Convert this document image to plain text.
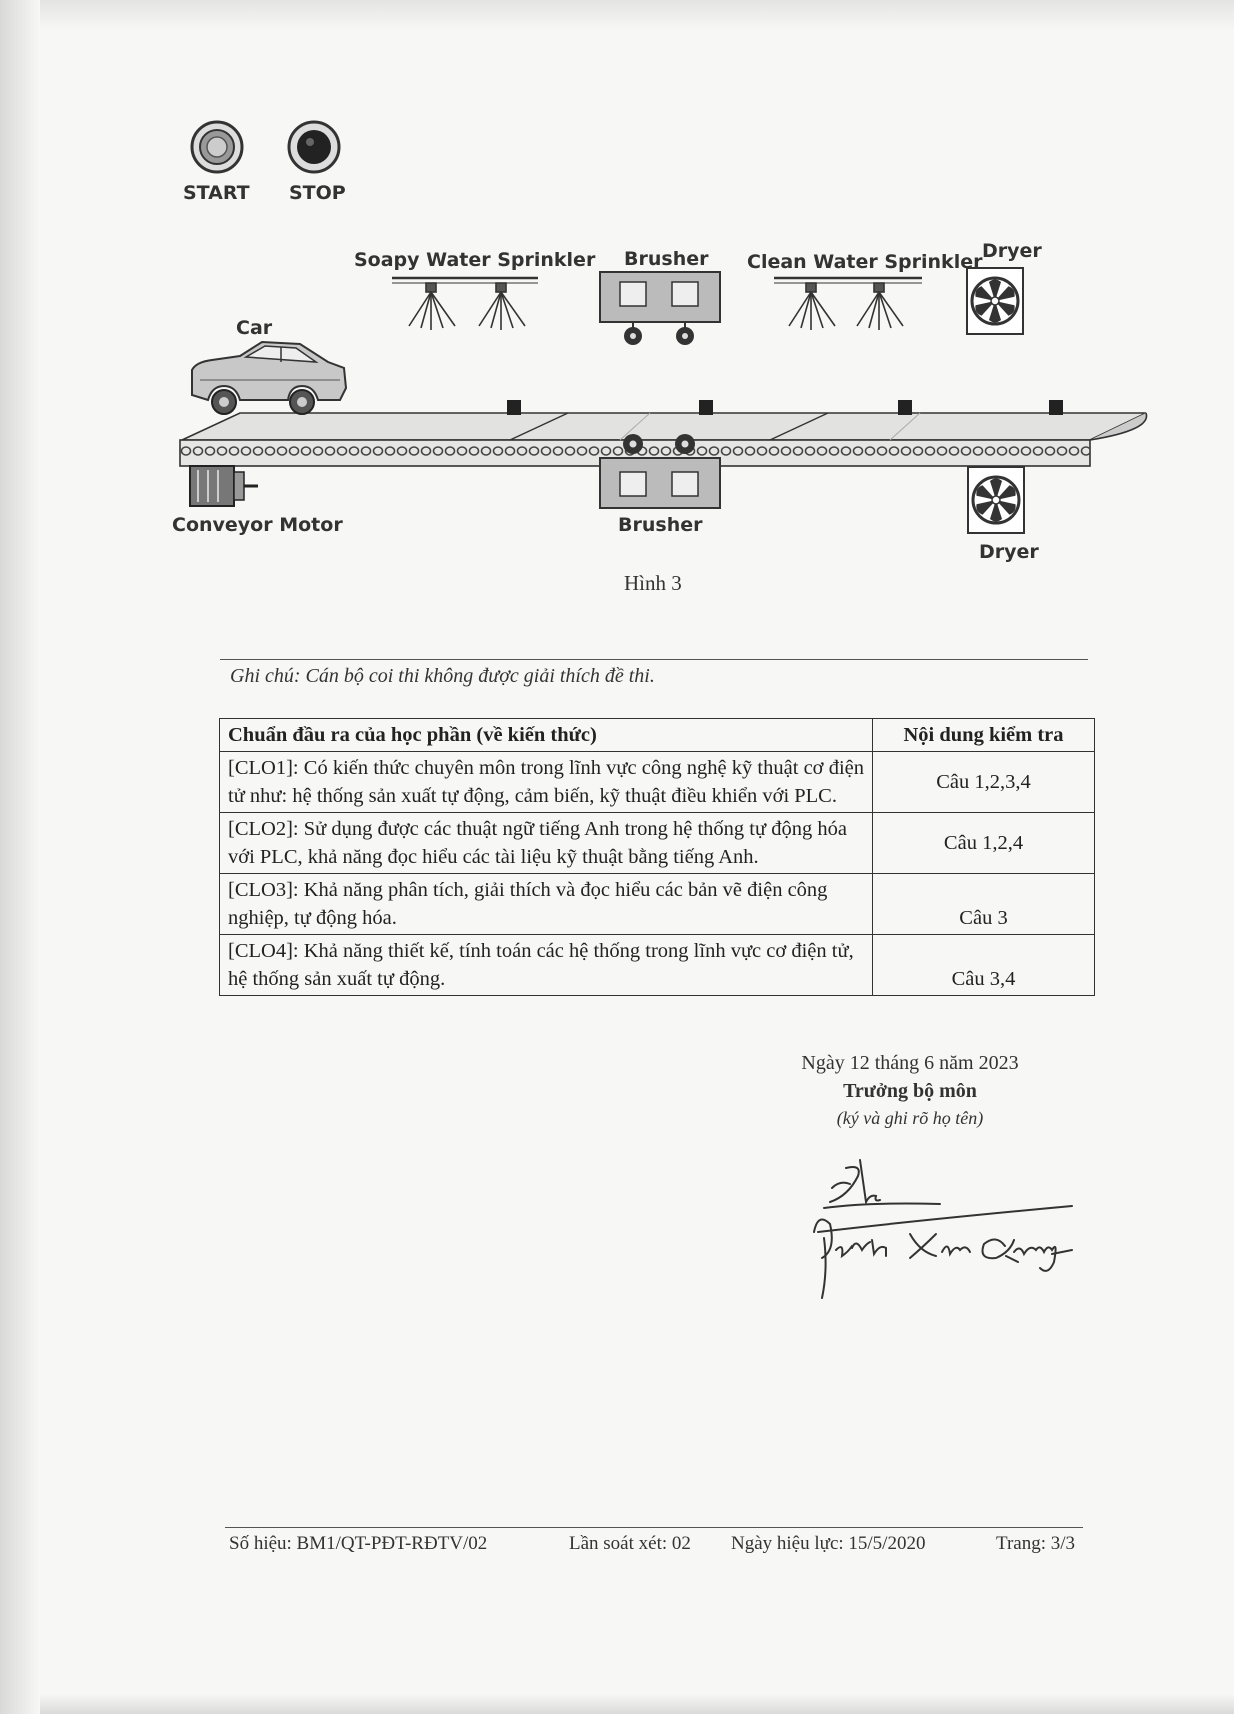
START STOP
Soapy Water Sprinkler Brusher Clean Water Sprinkler Dryer
Car
Conveyor Motor	Brusher
Dryer
Hình 3
Ghi chú: Cán bộ coi thi không được giải thích đề thi.
Chuẩn đầu ra của học phần (về kiến thức)	Nội dung kiểm tra
[CLO1]: Có kiến thức chuyên môn trong lĩnh vực công nghệ kỹ thuật cơ điện tử như: hệ thống sản xuất tự động, cảm biến, kỹ thuật điều khiển với PLC.	Câu 1,2,3,4
[CLO2]: Sử dụng được các thuật ngữ tiếng Anh trong hệ thống tự động hóa với PLC, khả năng đọc hiểu các tài liệu kỹ thuật bằng tiếng Anh.	Câu 1,2,4
[CLO3]: Khả năng phân tích, giải thích và đọc hiểu các bản vẽ điện công nghiệp, tự động hóa.	Câu 3
[CLO4]: Khả năng thiết kế, tính toán các hệ thống trong lĩnh vực cơ điện tử, hệ thống sản xuất tự động.	Câu 3,4
Ngày 12 tháng 6 năm 2023
Trưởng bộ môn
(ký và ghi rõ họ tên)
Số hiệu: BM1/QT-PĐT-RĐTV/02	Lần soát xét: 02 Ngày hiệu lực: 15/5/2020	Trang: 3/3
